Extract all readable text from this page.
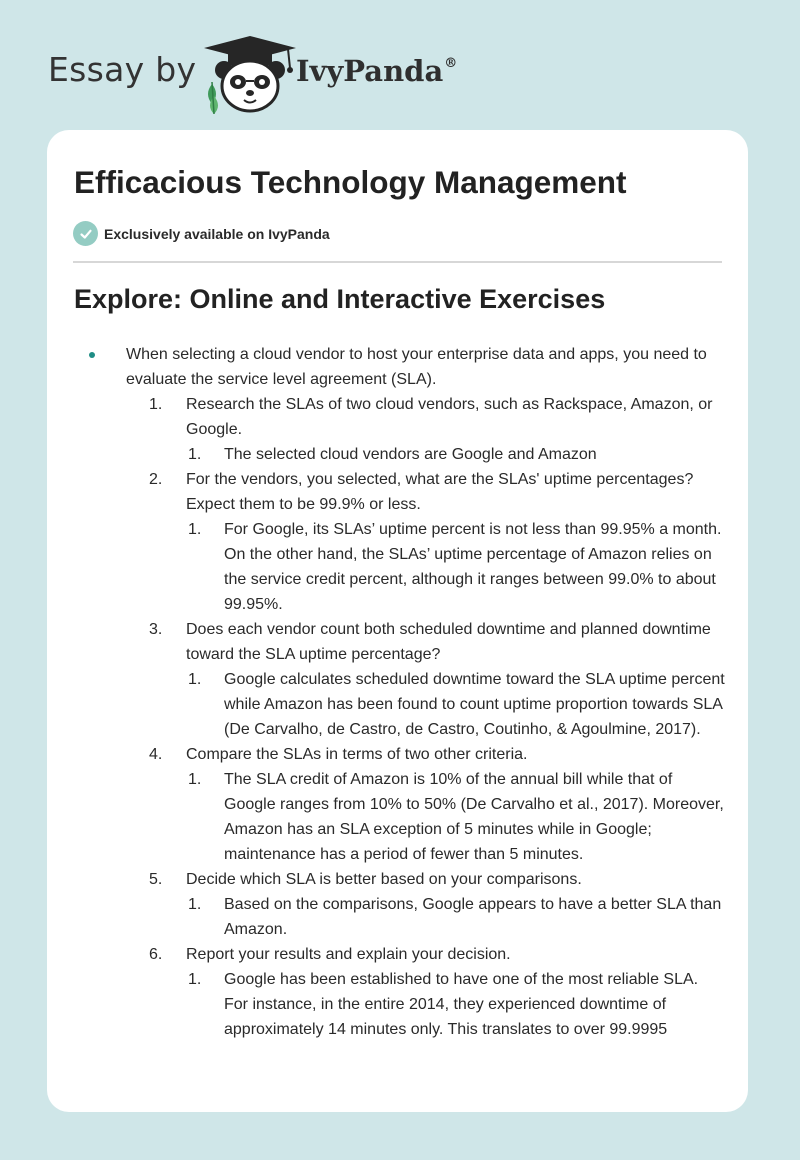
Essay by	IvyPanda®
Efficacious Technology Management
Exclusively available on IvyPanda
Explore: Online and Interactive Exercises
When selecting a cloud vendor to host your enterprise data and apps, you need to evaluate the service level agreement (SLA).
1. Research the SLAs of two cloud vendors, such as Rackspace, Amazon, or Google.
1. The selected cloud vendors are Google and Amazon
2. For the vendors, you selected, what are the SLAs' uptime percentages? Expect them to be 99.9% or less.
1. For Google, its SLAs’ uptime percent is not less than 99.95% a month. On the other hand, the SLAs’ uptime percentage of Amazon relies on the service credit percent, although it ranges between 99.0% to about 99.95%.
3. Does each vendor count both scheduled downtime and planned downtime toward the SLA uptime percentage?
1. Google calculates scheduled downtime toward the SLA uptime percent while Amazon has been found to count uptime proportion towards SLA (De Carvalho, de Castro, de Castro, Coutinho, & Agoulmine, 2017).
4. Compare the SLAs in terms of two other criteria.
1. The SLA credit of Amazon is 10% of the annual bill while that of Google ranges from 10% to 50% (De Carvalho et al., 2017). Moreover, Amazon has an SLA exception of 5 minutes while in Google; maintenance has a period of fewer than 5 minutes.
5. Decide which SLA is better based on your comparisons.
1. Based on the comparisons, Google appears to have a better SLA than Amazon.
6. Report your results and explain your decision.
1. Google has been established to have one of the most reliable SLA. For instance, in the entire 2014, they experienced downtime of approximately 14 minutes only. This translates to over 99.9995
